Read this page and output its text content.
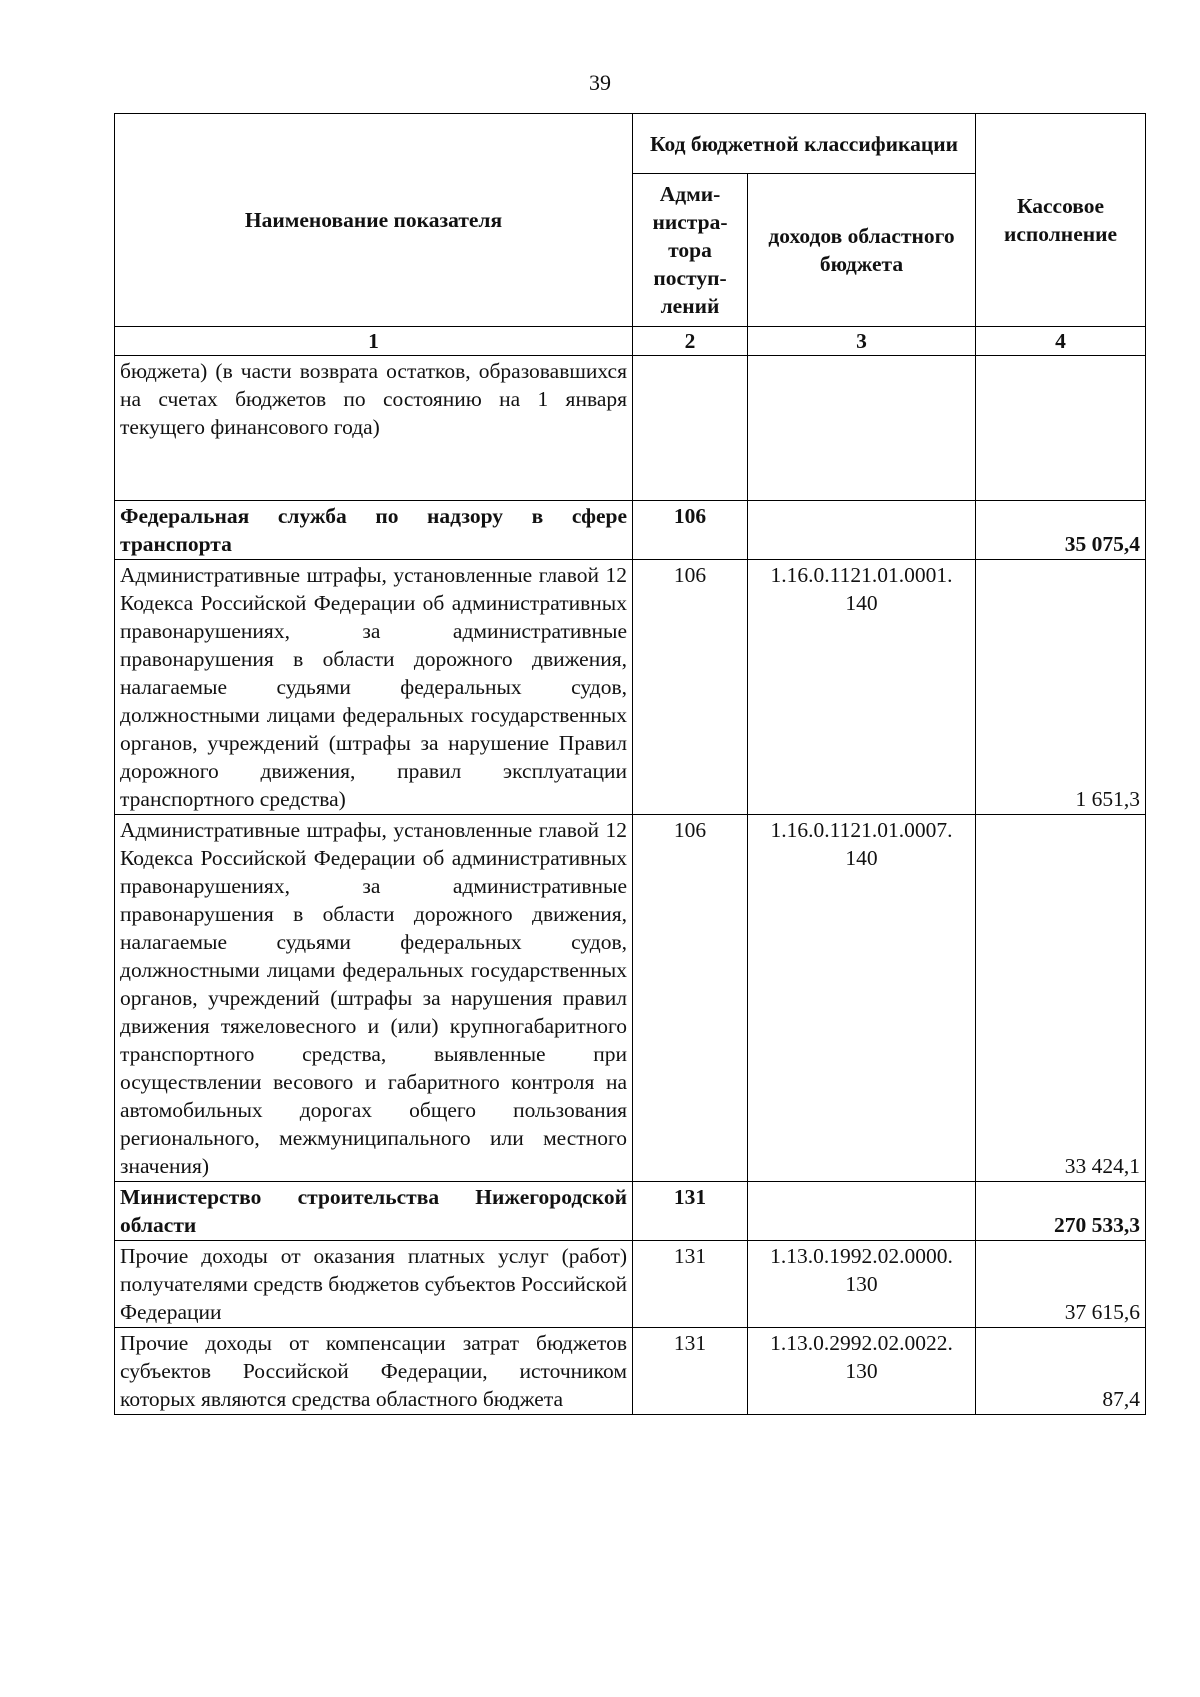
39
Наименование показателя	Код бюджетной классификации		Кассовое исполнение
	Адми-нистра-тора поступ-лений	доходов областного бюджета	
1	2	3	4
бюджета) (в части возврата остатков, образовавшихся на счетах бюджетов по состоянию на 1 января текущего финансового года)			
Федеральная служба по надзору в сфере транспорта	106		35 075,4
Административные штрафы, установленные главой 12 Кодекса Российской Федерации об административных правонарушениях, за административные правонарушения в области дорожного движения, налагаемые судьями федеральных судов, должностными лицами федеральных государственных органов, учреждений (штрафы за нарушение Правил дорожного движения, правил эксплуатации транспортного средства)	106	1.16.0.1121.01.0001. 140	1 651,3
Административные штрафы, установленные главой 12 Кодекса Российской Федерации об административных правонарушениях, за административные правонарушения в области дорожного движения, налагаемые судьями федеральных судов, должностными лицами федеральных государственных органов, учреждений (штрафы за нарушения правил движения тяжеловесного и (или) крупногабаритного транспортного средства, выявленные при осуществлении весового и габаритного контроля на автомобильных дорогах общего пользования регионального, межмуниципального или местного значения)	106	1.16.0.1121.01.0007. 140	33 424,1
Министерство строительства Нижегородской области	131		270 533,3
Прочие доходы от оказания платных услуг (работ) получателями средств бюджетов субъектов Российской Федерации	131	1.13.0.1992.02.0000. 130	37 615,6
Прочие доходы от компенсации затрат бюджетов субъектов Российской Федерации, источником которых являются средства областного бюджета	131	1.13.0.2992.02.0022. 130	87,4
